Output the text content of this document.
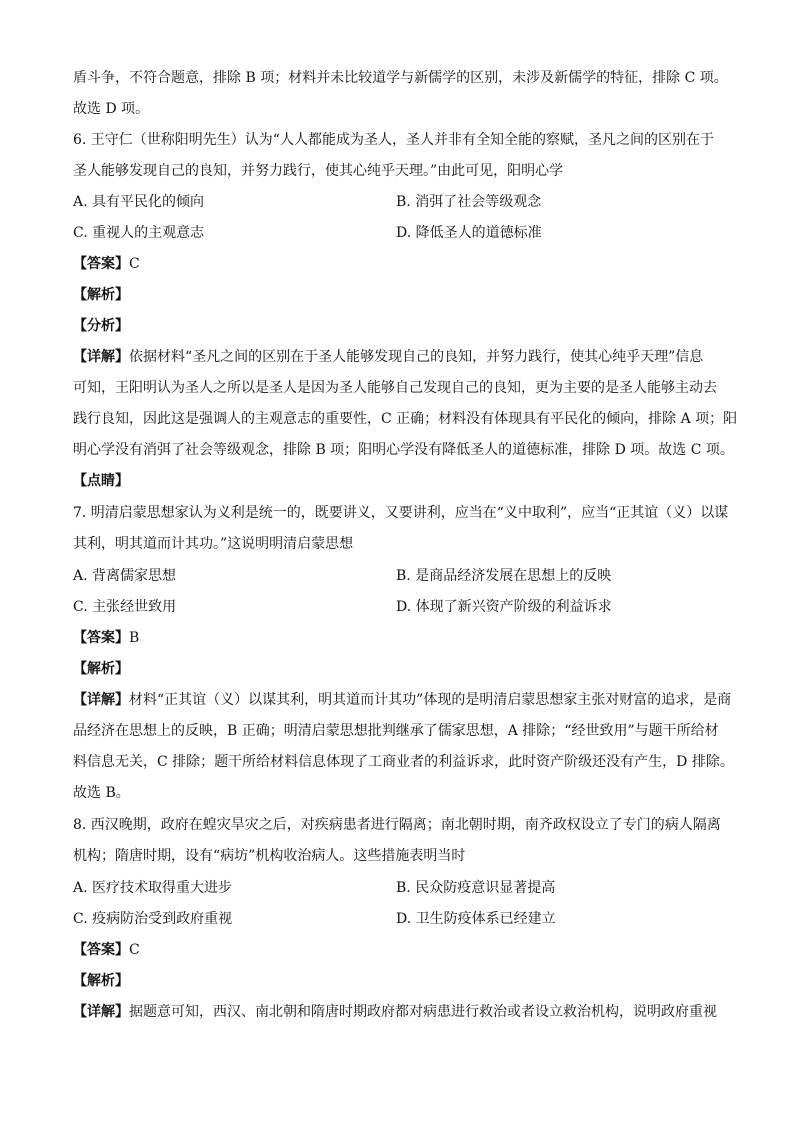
盾斗争，不符合题意，排除 B 项；材料并未比较道学与新儒学的区别，未涉及新儒学的特征，排除 C 项。
故选 D 项。
6. 王守仁（世称阳明先生）认为“人人都能成为圣人，圣人并非有全知全能的察赋，圣凡之间的区别在于
圣人能够发现自己的良知，并努力践行，使其心纯乎天理。”由此可见，阳明心学
A. 具有平民化的倾向	B. 消弭了社会等级观念
C. 重视人的主观意志	D. 降低圣人的道德标准
【答案】C
【解析】
【分析】
【详解】依据材料“圣凡之间的区别在于圣人能够发现自己的良知，并努力践行，使其心纯乎天理”信息
可知，王阳明认为圣人之所以是圣人是因为圣人能够自己发现自己的良知，更为主要的是圣人能够主动去
践行良知，因此这是强调人的主观意志的重要性，C 正确；材料没有体现具有平民化的倾向，排除 A 项；阳
明心学没有消弭了社会等级观念，排除 B 项；阳明心学没有降低圣人的道德标准，排除 D 项。故选 C 项。
【点睛】
7. 明清启蒙思想家认为义利是统一的，既要讲义，又要讲利，应当在“义中取利”，应当“正其谊（义）以谋
其利，明其道而计其功。”这说明明清启蒙思想
A. 背离儒家思想	B. 是商品经济发展在思想上的反映
C. 主张经世致用	D. 体现了新兴资产阶级的利益诉求
【答案】B
【解析】
【详解】材料“正其谊（义）以谋其利，明其道而计其功”体现的是明清启蒙思想家主张对财富的追求，是商
品经济在思想上的反映，B 正确；明清启蒙思想批判继承了儒家思想，A 排除；“经世致用”与题干所给材
料信息无关，C 排除；题干所给材料信息体现了工商业者的利益诉求，此时资产阶级还没有产生，D 排除。
故选 B。
8. 西汉晚期，政府在蝗灾旱灾之后，对疾病患者进行隔离；南北朝时期，南齐政权设立了专门的病人隔离
机构；隋唐时期，设有“病坊”机构收治病人。这些措施表明当时
A. 医疗技术取得重大进步	B. 民众防疫意识显著提高
C. 疫病防治受到政府重视	D. 卫生防疫体系已经建立
【答案】C
【解析】
【详解】据题意可知，西汉、南北朝和隋唐时期政府都对病患进行救治或者设立救治机构，说明政府重视
